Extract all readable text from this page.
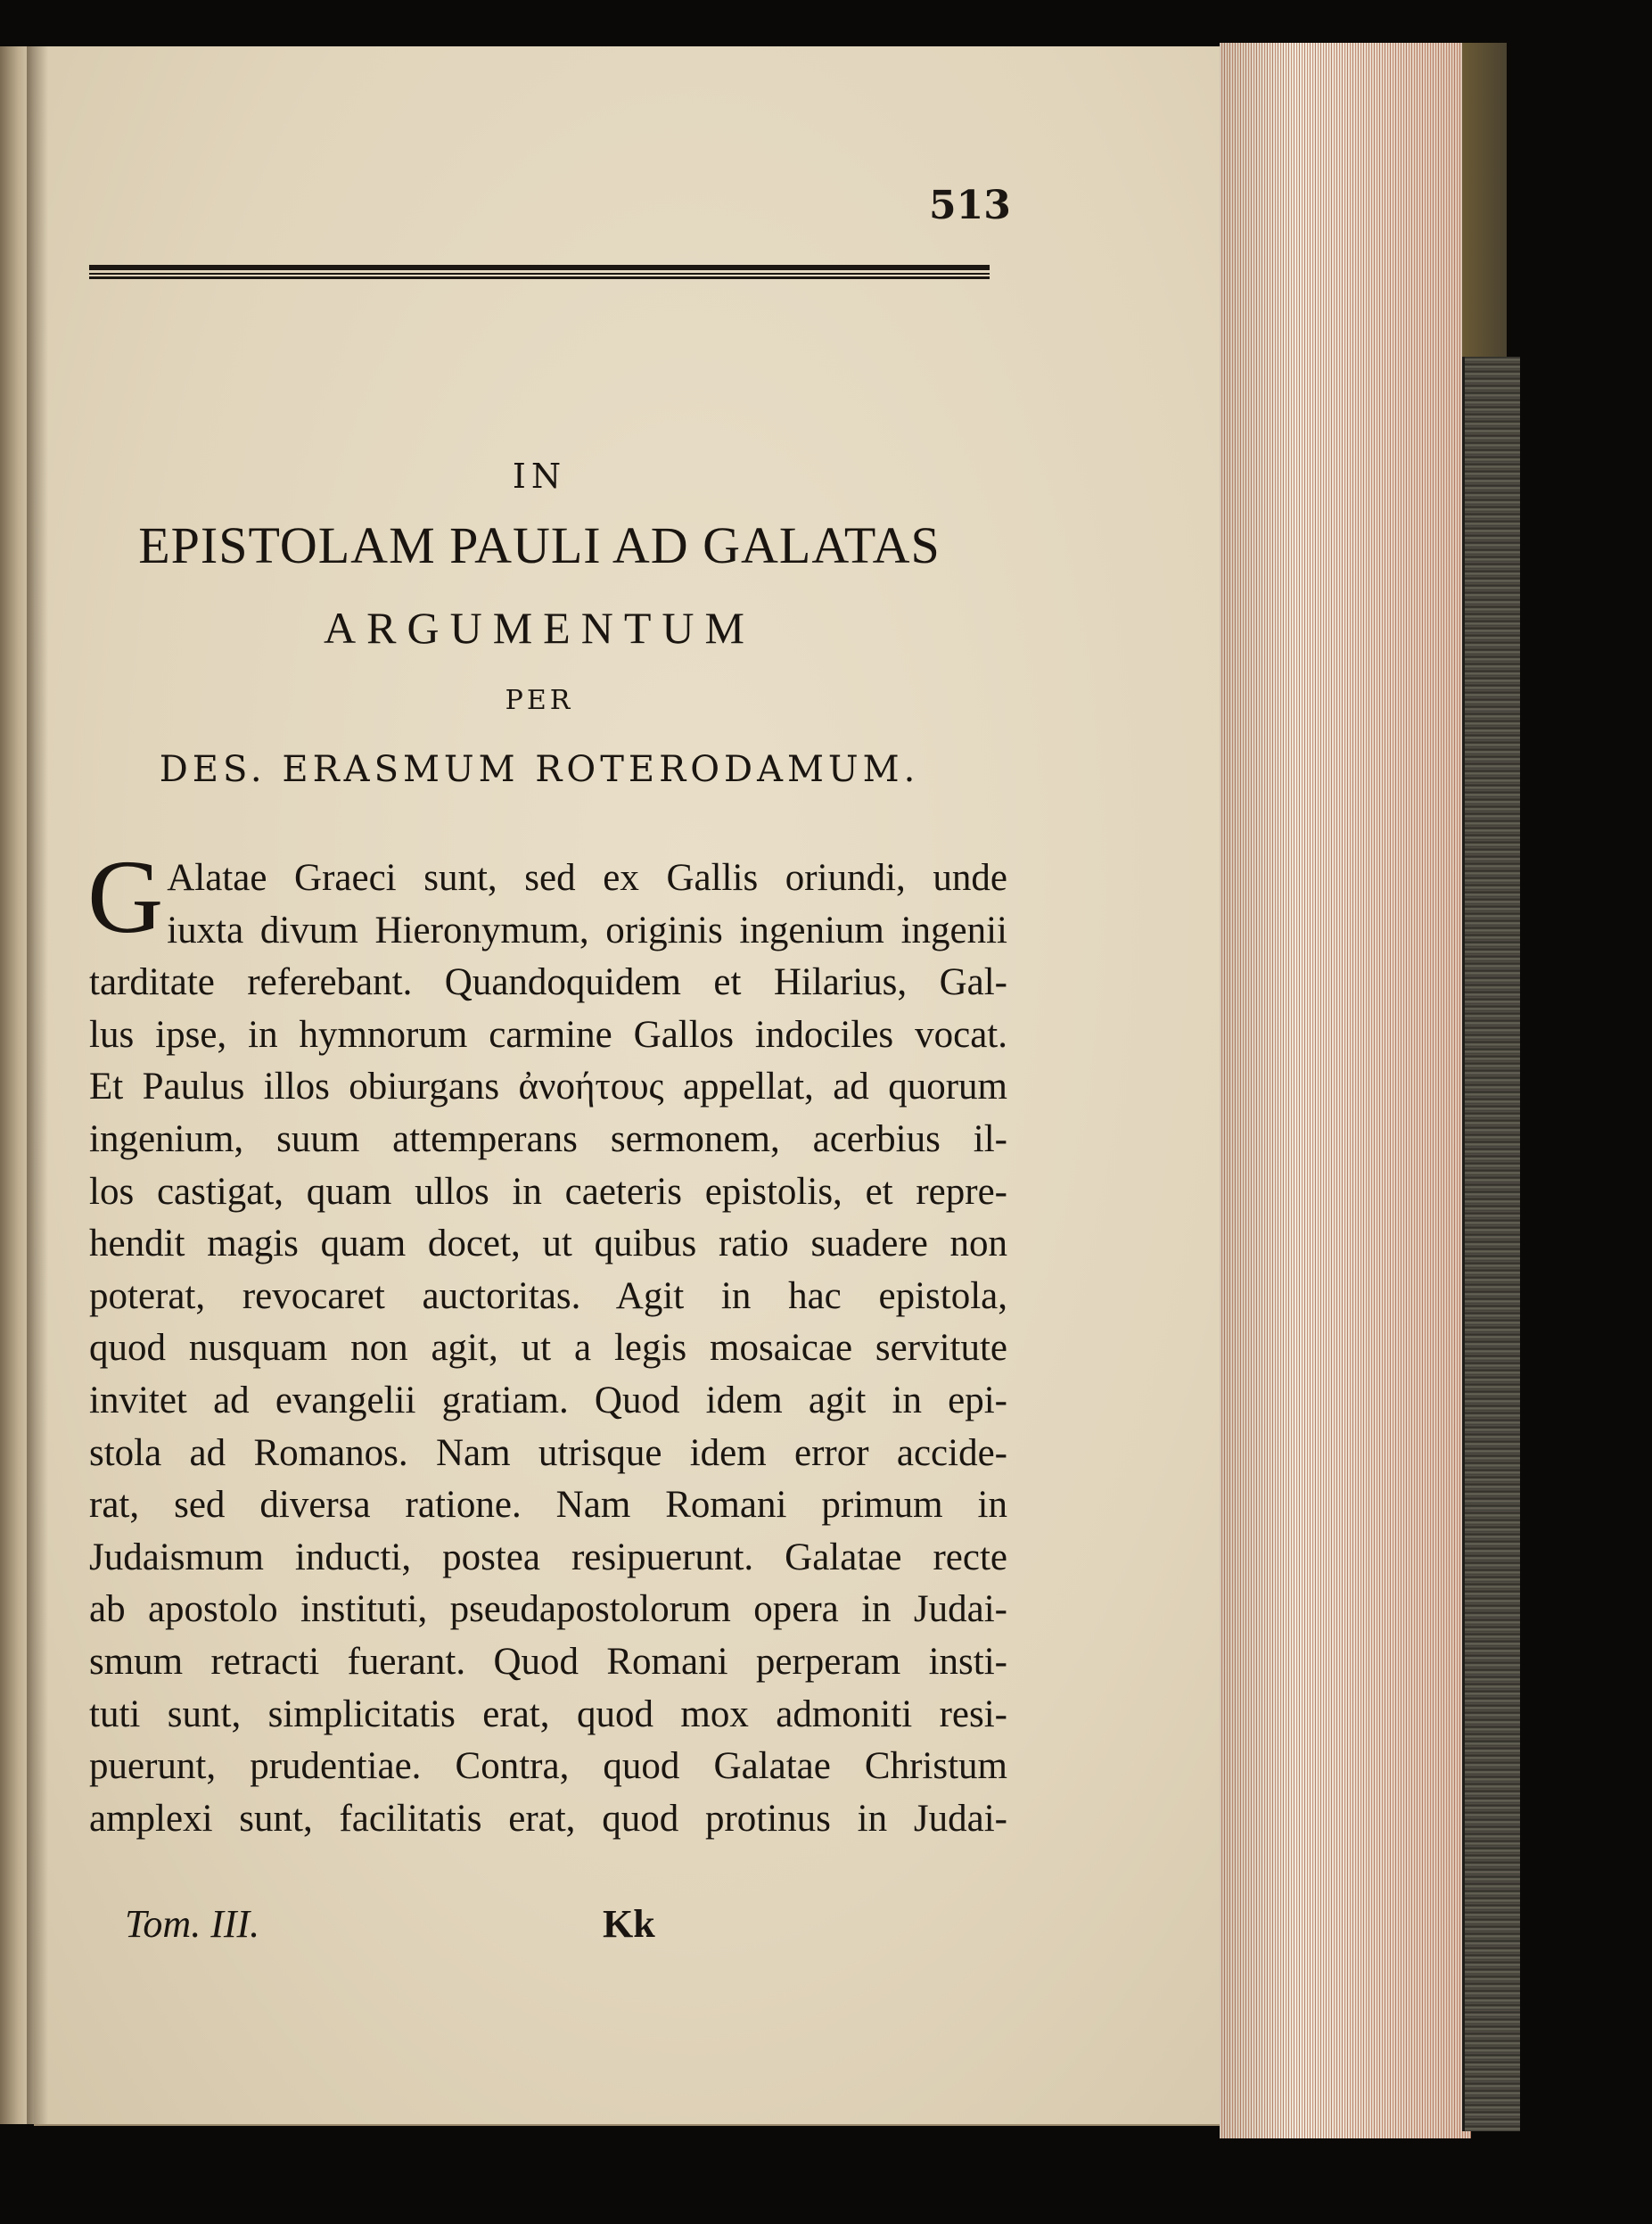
513
IN
EPISTOLAM PAULI AD GALATAS
ARGUMENTUM
PER
DES. ERASMUM ROTERODAMUM.
G Alatae Graeci sunt, sed ex Gallis oriundi, unde
iuxta divum Hieronymum, originis ingenium ingenii
tarditate referebant. Quandoquidem et Hilarius, Gal-
lus ipse, in hymnorum carmine Gallos indociles vocat.
Et Paulus illos obiurgans ἀνοήτους appellat, ad quorum
ingenium, suum attemperans sermonem, acerbius il-
los castigat, quam ullos in caeteris epistolis, et repre-
hendit magis quam docet, ut quibus ratio suadere non
poterat, revocaret auctoritas. Agit in hac epistola,
quod nusquam non agit, ut a legis mosaicae servitute
invitet ad evangelii gratiam. Quod idem agit in epi-
stola ad Romanos. Nam utrisque idem error accide-
rat, sed diversa ratione. Nam Romani primum in
Judaismum inducti, postea resipuerunt. Galatae recte
ab apostolo instituti, pseudapostolorum opera in Judai-
smum retracti fuerant. Quod Romani perperam insti-
tuti sunt, simplicitatis erat, quod mox admoniti resi-
puerunt, prudentiae. Contra, quod Galatae Christum
amplexi sunt, facilitatis erat, quod protinus in Judai-
Tom. III.	Kk
